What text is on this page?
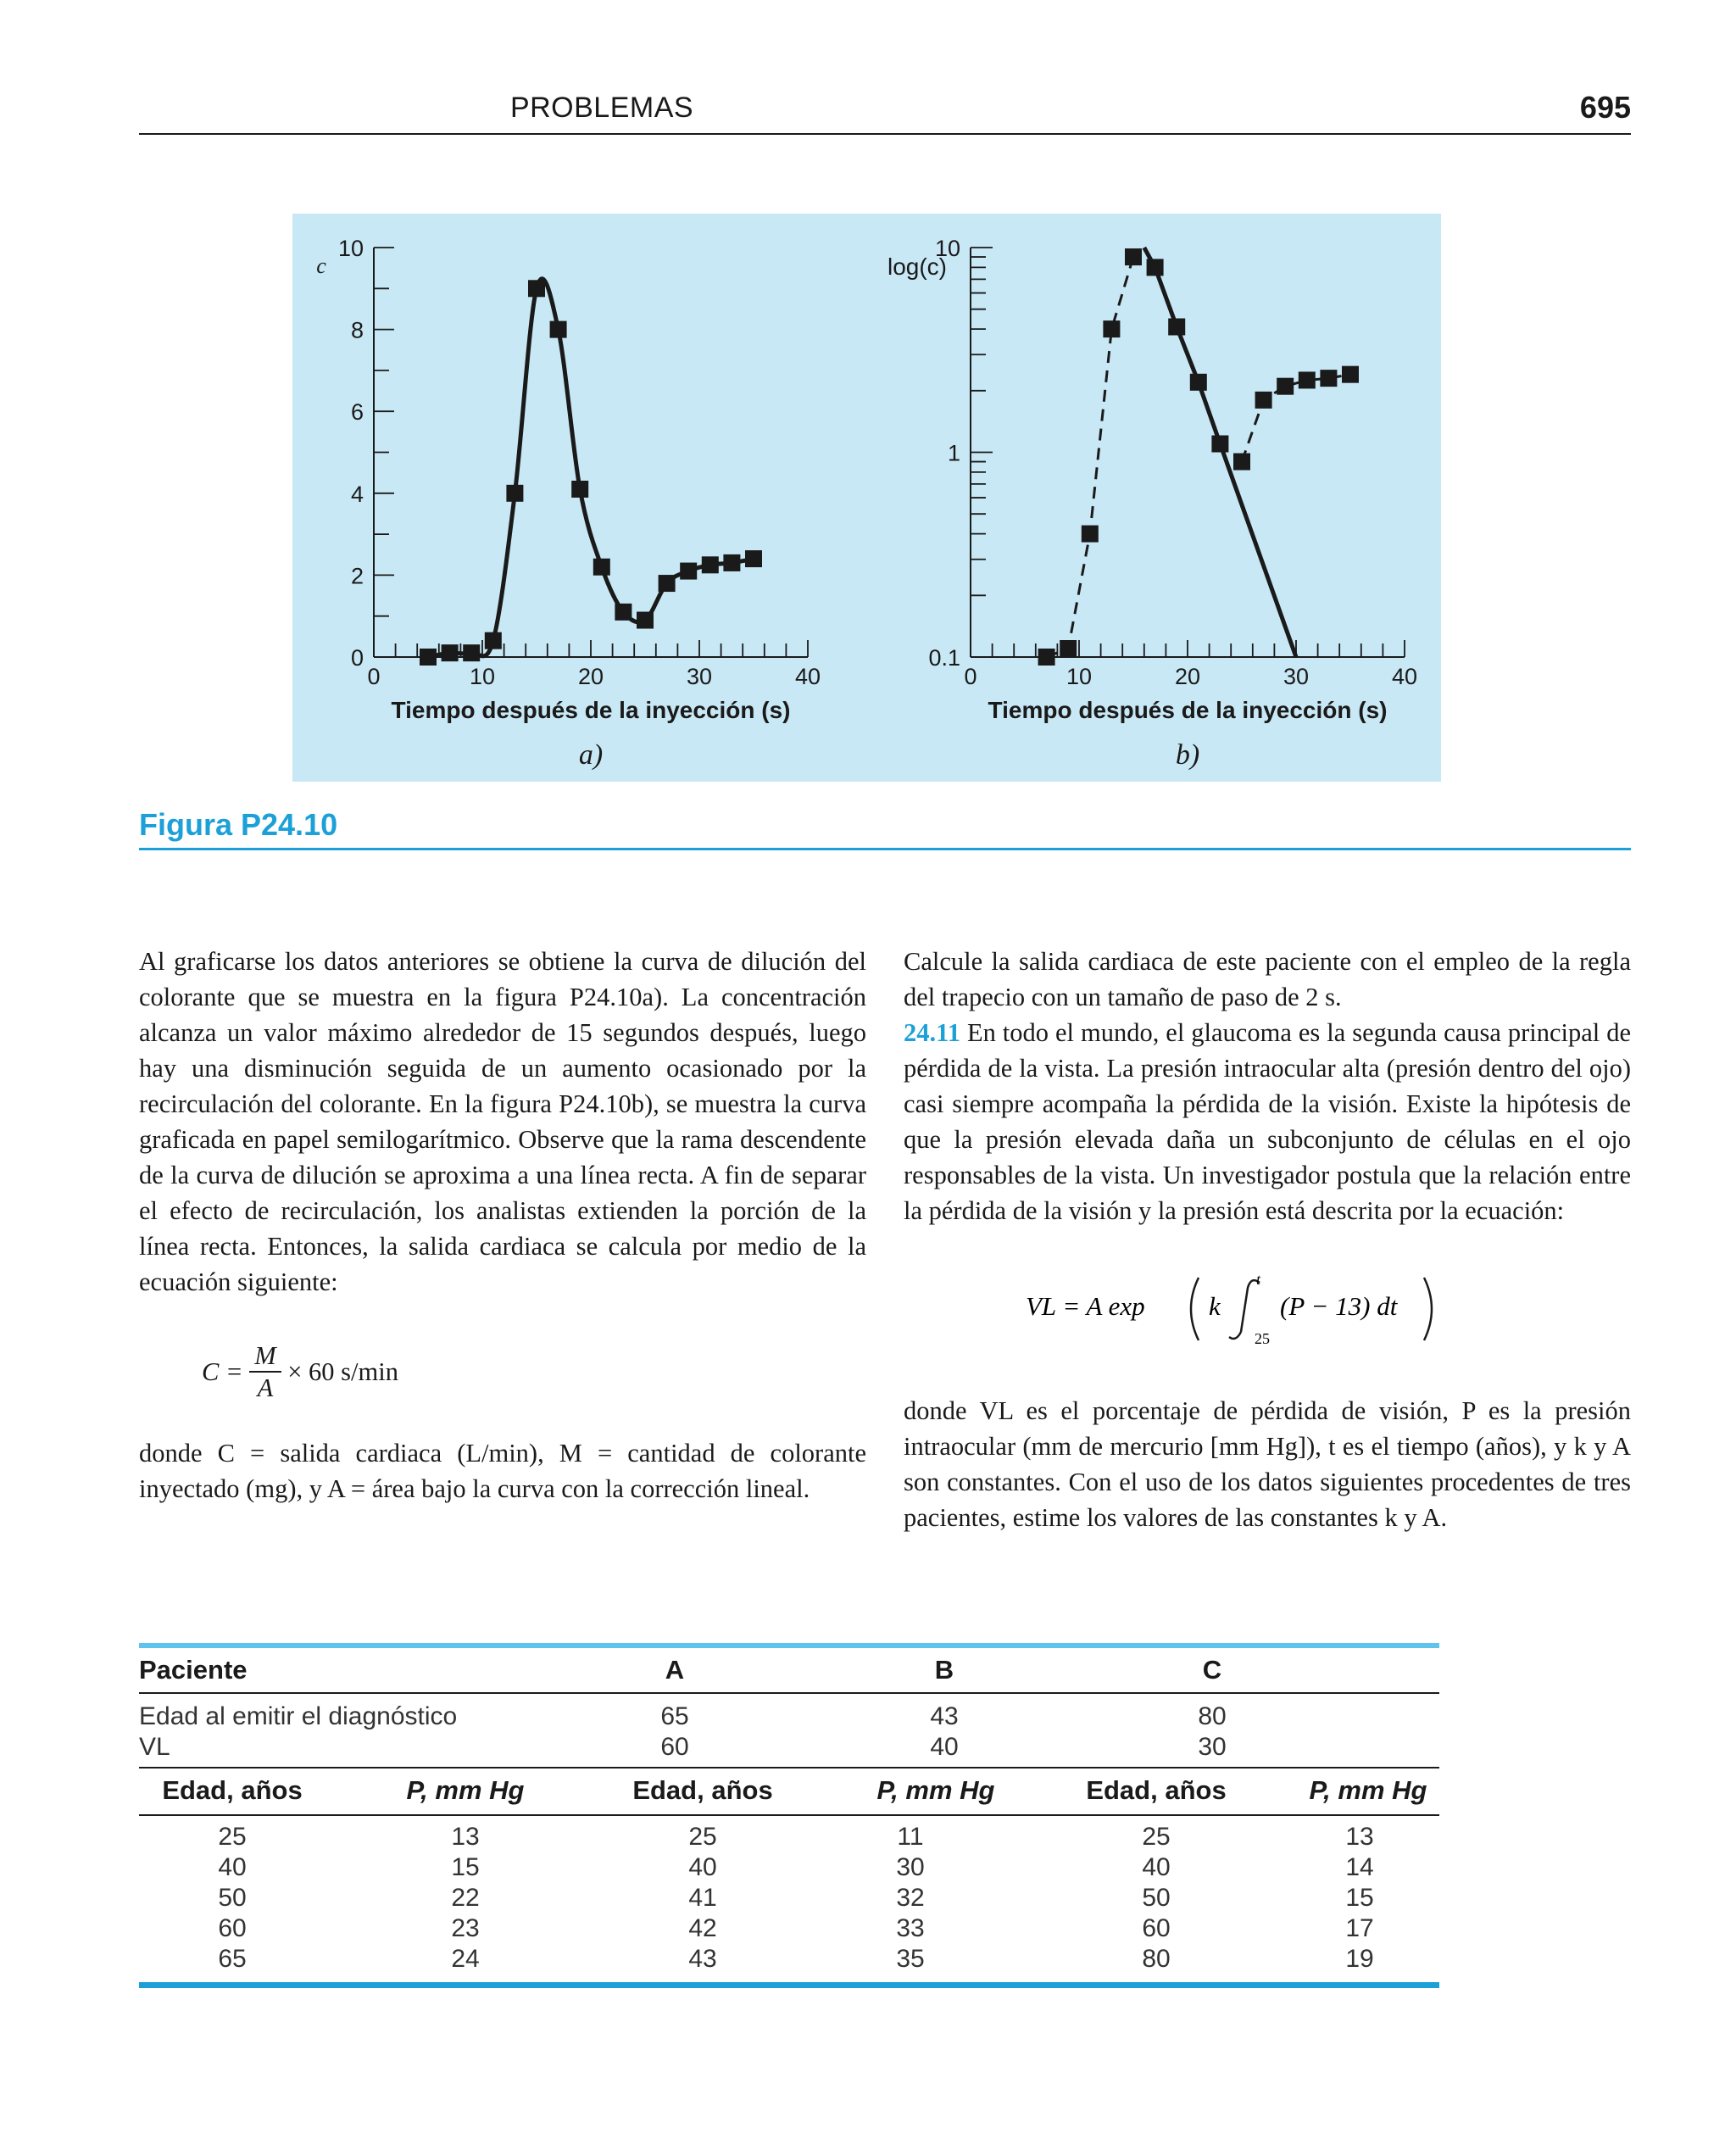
PROBLEMAS	695
0	10	20	30	40
0
2
4
6
8
10
Tiempo después de la inyección (s)
c
a)
0	10	20	30	40
0.1
1
10
Tiempo después de la inyección (s)
log(c)
b)
Figura P24.10

Al graficarse los datos anteriores se obtiene la curva de dilución del colorante que se muestra en la figura P24.10a). La concentración alcanza un valor máximo alrededor de 15 segundos después, luego hay una disminución seguida de un aumento ocasionado por la recirculación del colorante. En la figura P24.10b), se muestra la curva graficada en papel semilogarítmico. Observe que la rama descendente de la curva de dilución se aproxima a una línea recta. A fin de separar el efecto de recirculación, los analistas extienden la porción de la línea recta. Entonces, la salida cardiaca se calcula por medio de la ecuación siguiente:

$C = \frac{M}{A} \times 60$ s/min

donde C = salida cardiaca (L/min), M = cantidad de colorante inyectado (mg), y A = área bajo la curva con la corrección lineal.

Calcule la salida cardiaca de este paciente con el empleo de la regla del trapecio con un tamaño de paso de 2 s.

24.11 En todo el mundo, el glaucoma es la segunda causa principal de pérdida de la vista. La presión intraocular alta (presión dentro del ojo) casi siempre acompaña la pérdida de la visión. Existe la hipótesis de que la presión elevada daña un subconjunto de células en el ojo responsables de la vista. Un investigador postula que la relación entre la pérdida de la visión y la presión está descrita por la ecuación:

VL = A exp k
t
25
(P − 13) dt

donde VL es el porcentaje de pérdida de visión, P es la presión intraocular (mm de mercurio [mm Hg]), t es el tiempo (años), y k y A son constantes. Con el uso de los datos siguientes procedentes de tres pacientes, estime los valores de las constantes k y A.

Paciente	A	B	C
Edad al emitir el diagnóstico	65	43	80
VL	60	40	30
Edad, años	P, mm Hg	Edad, años	P, mm Hg	Edad, años	P, mm Hg
25	13	25	11	25	13
40	15	40	30	40	14
50	22	41	32	50	15
60	23	42	33	60	17
65	24	43	35	80	19
